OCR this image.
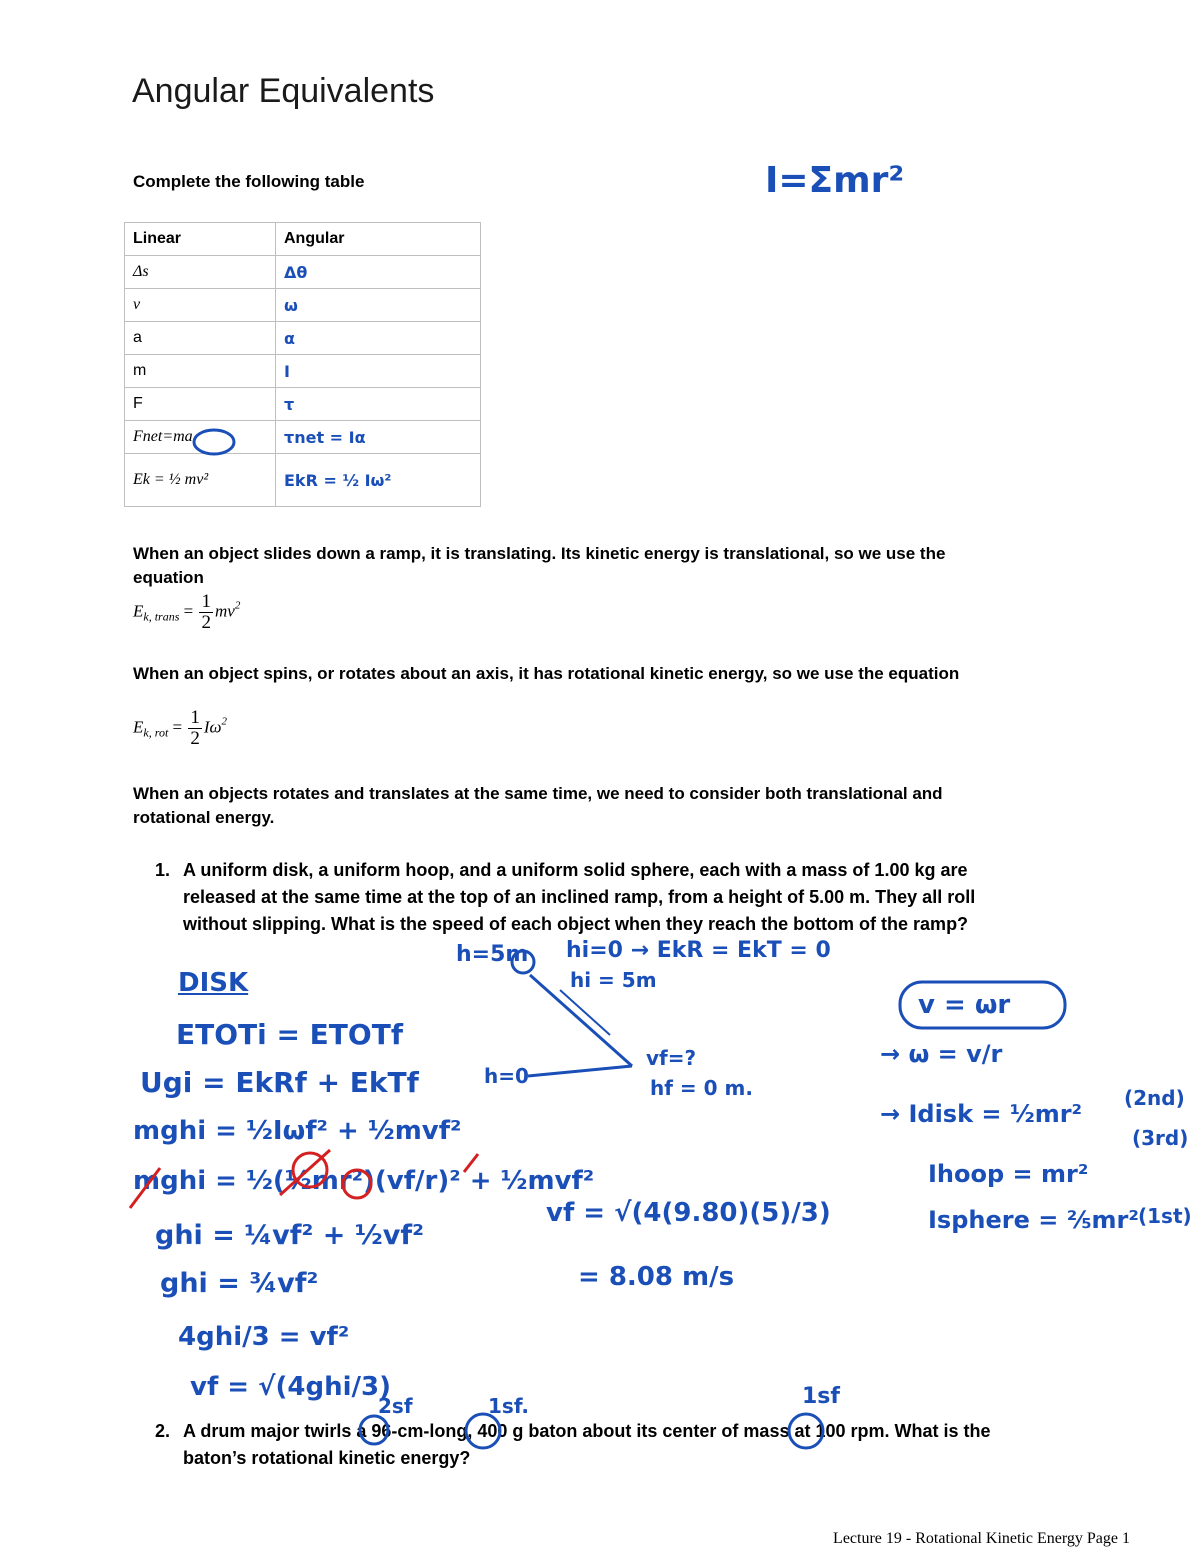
Angular Equivalents
Complete the following table
Linear	Angular
Δs	Δθ
v	ω
a	α
m	I
F	τ
Fnet=ma	τnet = Iα
Ek = ½ mv²	EkR = ½ Iω²
When an object slides down a ramp, it is translating. Its kinetic energy is translational, so we use the equation
$E_{k, trans} = \frac{1}{2} mv^2$
When an object spins, or rotates about an axis, it has rotational kinetic energy, so we use the equation
$E_{k, rot} = \frac{1}{2} I\omega^2$
When an objects rotates and translates at the same time, we need to consider both translational and rotational energy.
1. A uniform disk, a uniform hoop, and a uniform solid sphere, each with a mass of 1.00 kg are released at the same time at the top of an inclined ramp, from a height of 5.00 m. They all roll without slipping. What is the speed of each object when they reach the bottom of the ramp?
2. A drum major twirls a 96-cm-long, 400 g baton about its center of mass at 100 rpm. What is the baton’s rotational kinetic energy?
I=Σmr²
DISK
ETOTi = ETOTf
Ugi = EkRf + EkTf
mghi = ½Iωf² + ½mvf²
mghi = ½(½mr²)(vf/r)² + ½mvf²
ghi = ¼vf² + ½vf²
ghi = ¾vf²
4ghi/3 = vf²
vf = √(4ghi/3)
h=5m hi=0 → EkR = EkT = 0
hi = 5m
h=0
vf=?
hf = 0 m.
vf = √(4(9.80)(5)/3)
= 8.08 m/s
v = ωr
→ ω = v/r
→ Idisk = ½mr²
(2nd)
Ihoop = mr²
(3rd)
Isphere = ⅖mr² (1st)
2sf	1sf.	1sf
Lecture 19 - Rotational Kinetic Energy Page 1
